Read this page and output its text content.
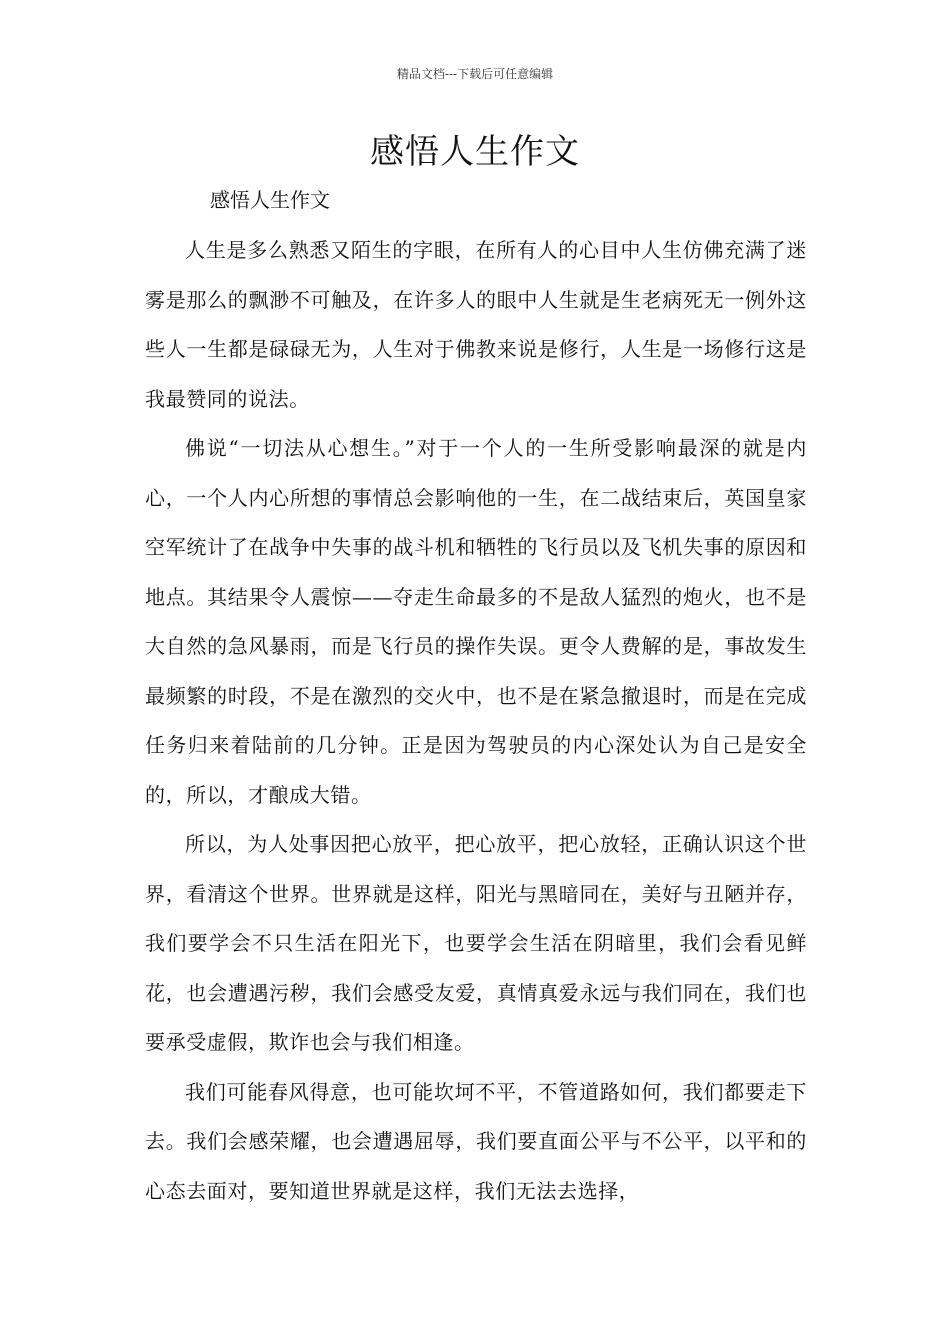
精品文档---下载后可任意编辑
感悟人生作文

感悟人生作文

人生是多么熟悉又陌生的字眼，在所有人的心目中人生仿佛充满了迷雾是那么的飘渺不可触及，在许多人的眼中人生就是生老病死无一例外这些人一生都是碌碌无为，人生对于佛教来说是修行，人生是一场修行这是我最赞同的说法。

佛说“一切法从心想生。”对于一个人的一生所受影响最深的就是内心，一个人内心所想的事情总会影响他的一生，在二战结束后，英国皇家空军统计了在战争中失事的战斗机和牺牲的飞行员以及飞机失事的原因和地点。其结果令人震惊——夺走生命最多的不是敌人猛烈的炮火，也不是大自然的急风暴雨，而是飞行员的操作失误。更令人费解的是，事故发生最频繁的时段，不是在激烈的交火中，也不是在紧急撤退时，而是在完成任务归来着陆前的几分钟。正是因为驾驶员的内心深处认为自己是安全的，所以，才酿成大错。

所以，为人处事因把心放平，把心放平，把心放轻，正确认识这个世界，看清这个世界。世界就是这样，阳光与黑暗同在，美好与丑陋并存，我们要学会不只生活在阳光下，也要学会生活在阴暗里，我们会看见鲜花，也会遭遇污秽，我们会感受友爱，真情真爱永远与我们同在，我们也要承受虚假，欺诈也会与我们相逢。

我们可能春风得意，也可能坎坷不平，不管道路如何，我们都要走下去。我们会感荣耀，也会遭遇屈辱，我们要直面公平与不公平，以平和的心态去面对，要知道世界就是这样，我们无法去选择，
